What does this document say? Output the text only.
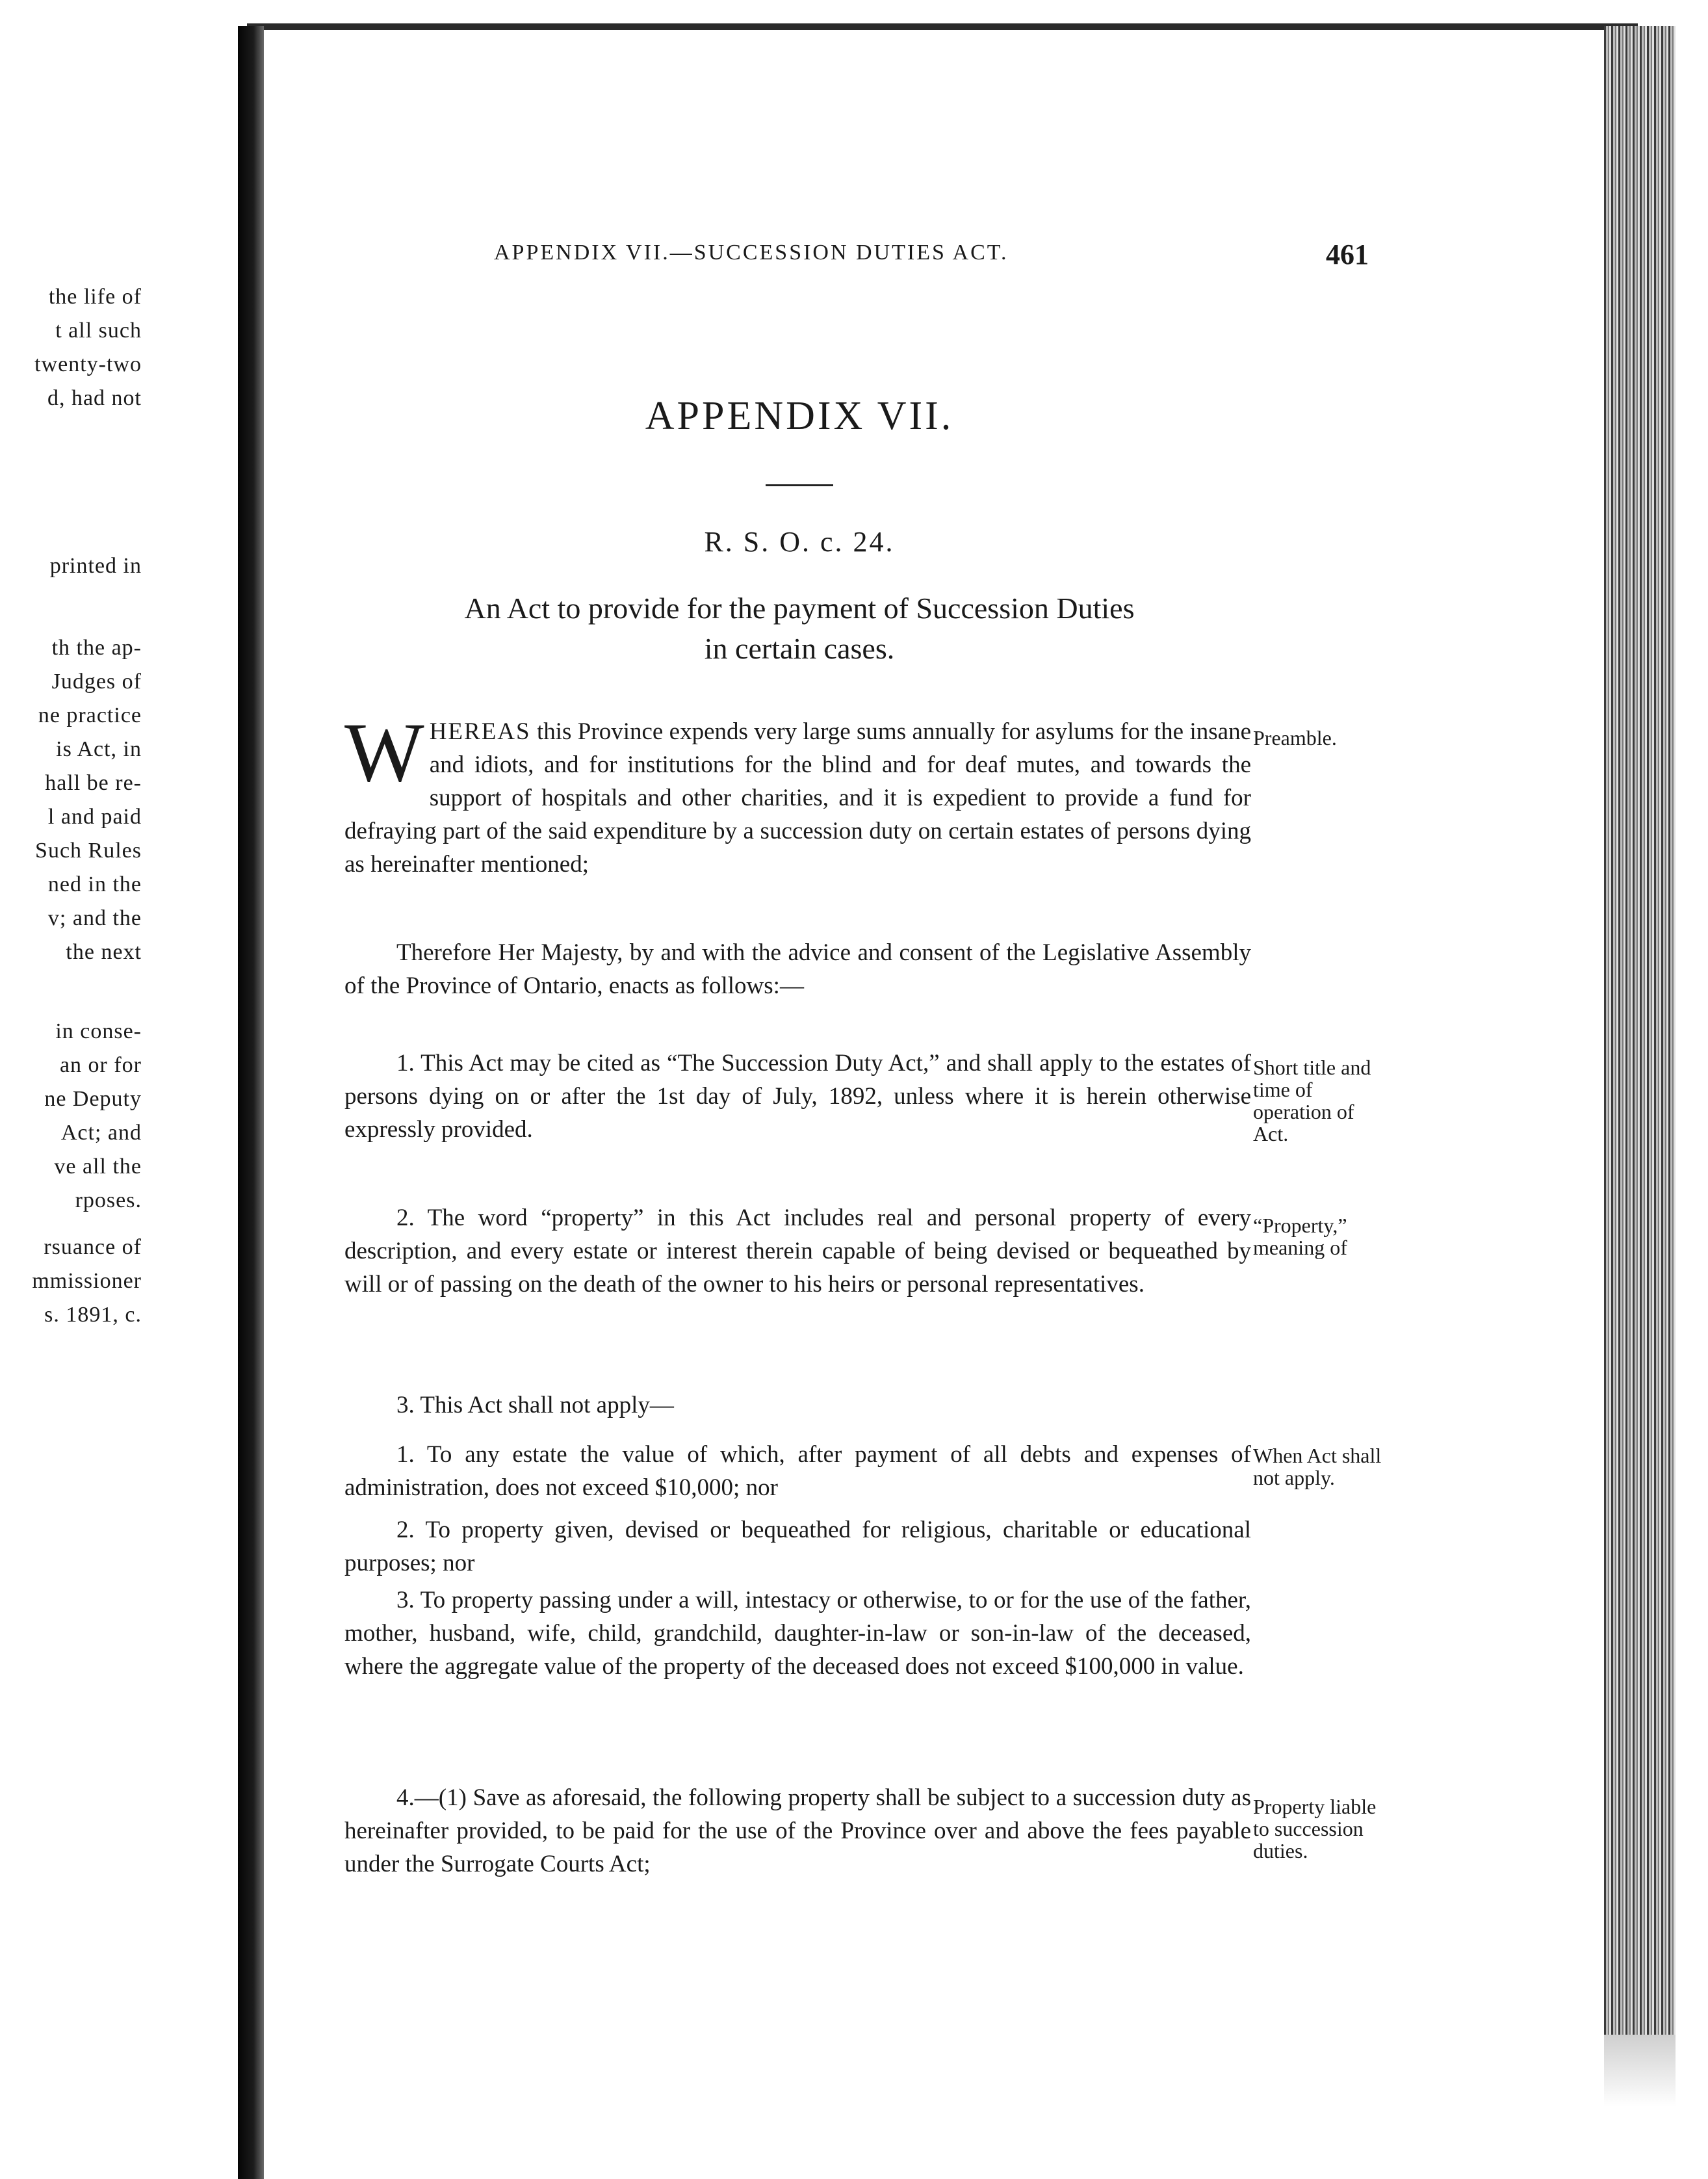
the life of
t all such
twenty-two
d, had not
printed in
th the ap-
Judges of
ne practice
is Act, in
hall be re-
l and paid
Such Rules
ned in the
v; and the
the next
in conse-
an or for
ne Deputy
Act; and
ve all the
rposes.
rsuance of
mmissioner
s. 1891, c.
APPENDIX VII.—SUCCESSION DUTIES ACT.	461
APPENDIX VII.
R. S. O. c. 24.
An Act to provide for the payment of Succession Duties
in certain cases.

WHEREAS this Province expends very large sums annually for asylums for the insane and idiots, and for institutions for the blind and for deaf mutes, and towards the support of hospitals and other charities, and it is expedient to provide a fund for defraying part of the said expenditure by a succession duty on certain estates of persons dying as hereinafter mentioned;

Therefore Her Majesty, by and with the advice and consent of the Legislative Assembly of the Province of Ontario, enacts as follows:—
1. This Act may be cited as “The Succession Duty Act,” and shall apply to the estates of persons dying on or after the 1st day of July, 1892, unless where it is herein otherwise expressly provided.
2. The word “property” in this Act includes real and personal property of every description, and every estate or interest therein capable of being devised or bequeathed by will or of passing on the death of the owner to his heirs or personal representatives.
3. This Act shall not apply—
1. To any estate the value of which, after payment of all debts and expenses of administration, does not exceed $10,000; nor
2. To property given, devised or bequeathed for religious, charitable or educational purposes; nor
3. To property passing under a will, intestacy or otherwise, to or for the use of the father, mother, husband, wife, child, grandchild, daughter-in-law or son-in-law of the deceased, where the aggregate value of the property of the deceased does not exceed $100,000 in value.
4.—(1) Save as aforesaid, the following property shall be subject to a succession duty as hereinafter provided, to be paid for the use of the Province over and above the fees payable under the Surrogate Courts Act;
Preamble.
Short title and time of operation of Act.
“Property,” meaning of
When Act shall not apply.
Property liable to succession duties.
